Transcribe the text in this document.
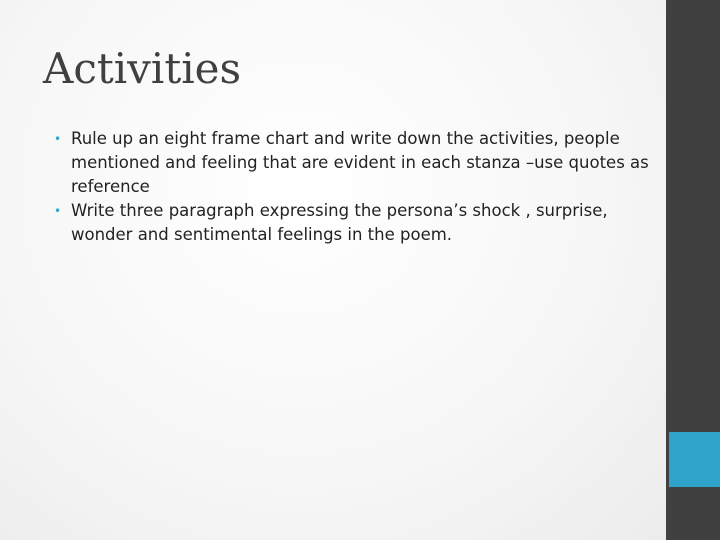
Activities
• Rule up an eight frame chart and write down the activities, people mentioned and feeling that are evident in each stanza –use quotes as reference
• Write three paragraph expressing the persona’s shock , surprise, wonder and sentimental feelings in the poem.
